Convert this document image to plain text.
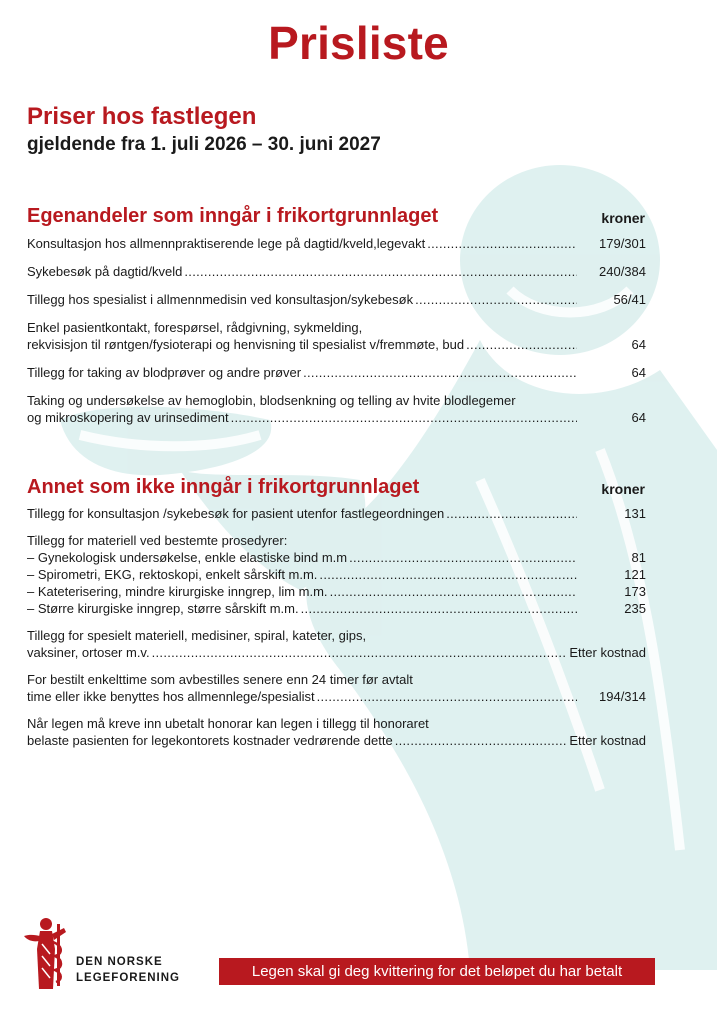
Prisliste
Priser hos fastlegen
gjeldende fra 1. juli 2026 – 30. juni 2027
Egenandeler som inngår i frikortgrunnlaget	kroner
Konsultasjon hos allmennpraktiserende lege på dagtid/kveld,legevakt .....	179/301
Sykebesøk på dagtid/kveld .....	240/384
Tillegg hos spesialist i allmennmedisin ved konsultasjon/sykebesøk .....	56/41
Enkel pasientkontakt, forespørsel, rådgivning, sykmelding,
rekvisisjon til røntgen/fysioterapi og henvisning til spesialist v/fremmøte, bud .....	64
Tillegg for taking av blodprøver og andre prøver .....	64
Taking og undersøkelse av hemoglobin, blodsenkning og telling av hvite blodlegemer
og mikroskopering av urinsediment .....	64
Annet som ikke inngår i frikortgrunnlaget	kroner
Tillegg for konsultasjon /sykebesøk for pasient utenfor fastlegeordningen .....	131
Tillegg for materiell ved bestemte prosedyrer:
– Gynekologisk undersøkelse, enkle elastiske bind m.m .....	81
– Spirometri, EKG, rektoskopi, enkelt sårskift m.m. .....	121
– Kateterisering, mindre kirurgiske inngrep, lim m.m. .....	173
– Større kirurgiske inngrep, større sårskift m.m. .....	235
Tillegg for spesielt materiell, medisiner, spiral, kateter, gips,
vaksiner, ortoser m.v. .....	Etter kostnad
For bestilt enkelttime som avbestilles senere enn 24 timer før avtalt
time eller ikke benyttes hos allmennlege/spesialist .....	194/314
Når legen må kreve inn ubetalt honorar kan legen i tillegg til honoraret
belaste pasienten for legekontorets kostnader vedrørende dette .....	Etter kostnad
DEN NORSKE
LEGEFORENING	Legen skal gi deg kvittering for det beløpet du har betalt
